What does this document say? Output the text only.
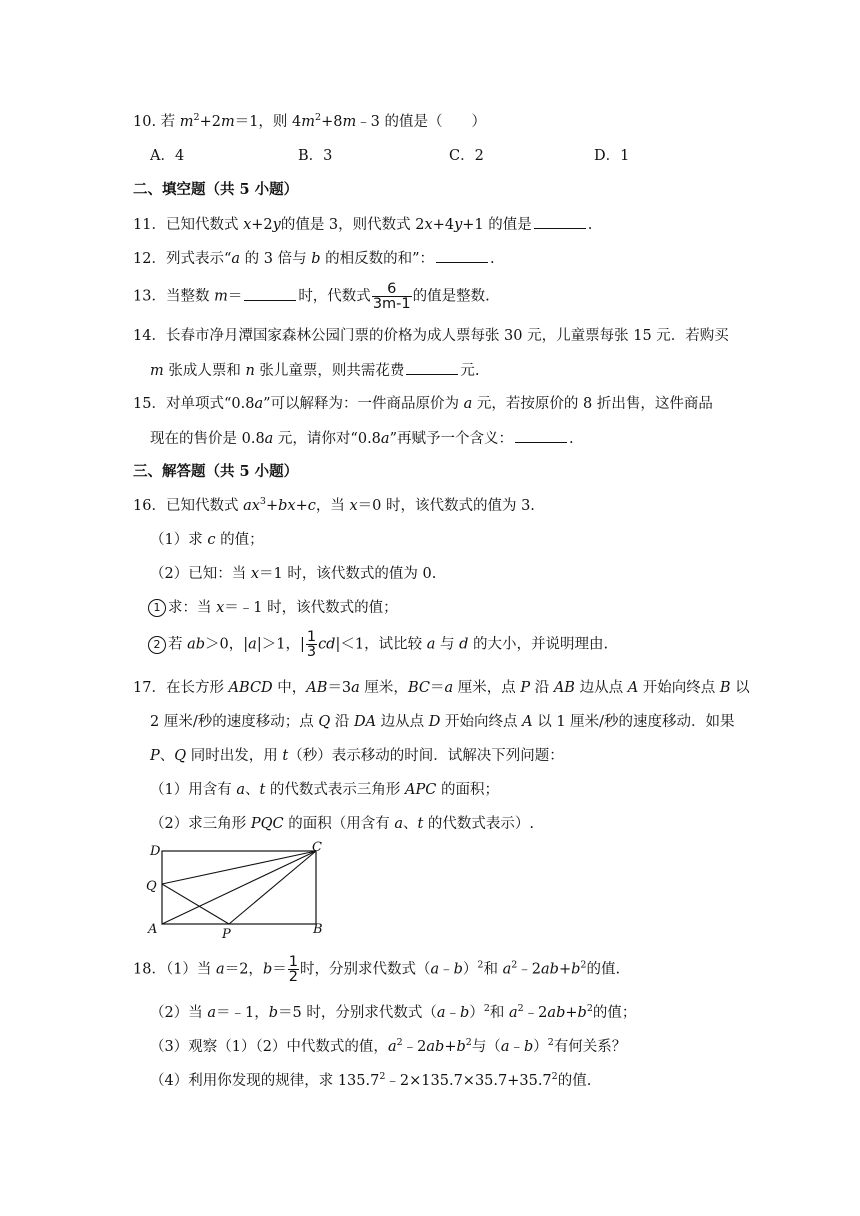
10. 若 $m^2+2m=1$，则 $4m^2+8m﹣3$ 的值是（　　）
A．4	B．3	C．2	D．1
二、填空题（共 5 小题）
11．已知代数式 x+2y的值是 3，则代数式 2x+4y+1 的值是	.
12．列式表示“a 的 3 倍与 b 的相反数的和”：	.
13．当整数 m＝	时，代数式 $\frac{6}{3m-1}$ 的值是整数.
14．长春市净月潭国家森林公园门票的价格为成人票每张 30 元，儿童票每张 15 元．若购买
m 张成人票和 n 张儿童票，则共需花费	元.
15．对单项式“0.8a”可以解释为：一件商品原价为 a 元，若按原价的 8 折出售，这件商品
现在的售价是 0.8a 元，请你对“0.8a”再赋予一个含义：	.
三、解答题（共 5 小题）
16．已知代数式 $ax^3+bx+c$，当 x＝0 时，该代数式的值为 3.
（1）求 c 的值；
（2）已知：当 x＝1 时，该代数式的值为 0.
1 求：当 x＝﹣1 时，该代数式的值；
2 若 ab＞0，|a|＞1，| $\frac{1}{3} cd|<1$，试比较 a 与 d 的大小，并说明理由.
17．在长方形 ABCD 中，AB＝3a 厘米，BC＝a 厘米，点 P 沿 AB 边从点 A 开始向终点 B 以
2 厘米/秒的速度移动；点 Q 沿 DA 边从点 D 开始向终点 A 以 1 厘米/秒的速度移动．如果
P、Q 同时出发，用 t（秒）表示移动的时间．试解决下列问题：
（1）用含有 a、t 的代数式表示三角形 APC 的面积；
（2）求三角形 PQC 的面积（用含有 a、t 的代数式表示）.
D	C
Q
A	P	B
18．（1）当 a＝2，$b= \frac{1}{2}$ 时，分别求代数式（a﹣b）$^2$和 $a^2﹣2ab+b^2$的值.
（2）当 a＝﹣1，b＝5 时，分别求代数式（a﹣b）$^2$和 $a^2﹣2ab+b^2$的值；
（3）观察（1）（2）中代数式的值，$a^2﹣2ab+b^2$与（a﹣b）$^2$有何关系？
（4）利用你发现的规律，求 $135.7^2﹣2\times 135.7\times 35.7+35.7^2$的值.
